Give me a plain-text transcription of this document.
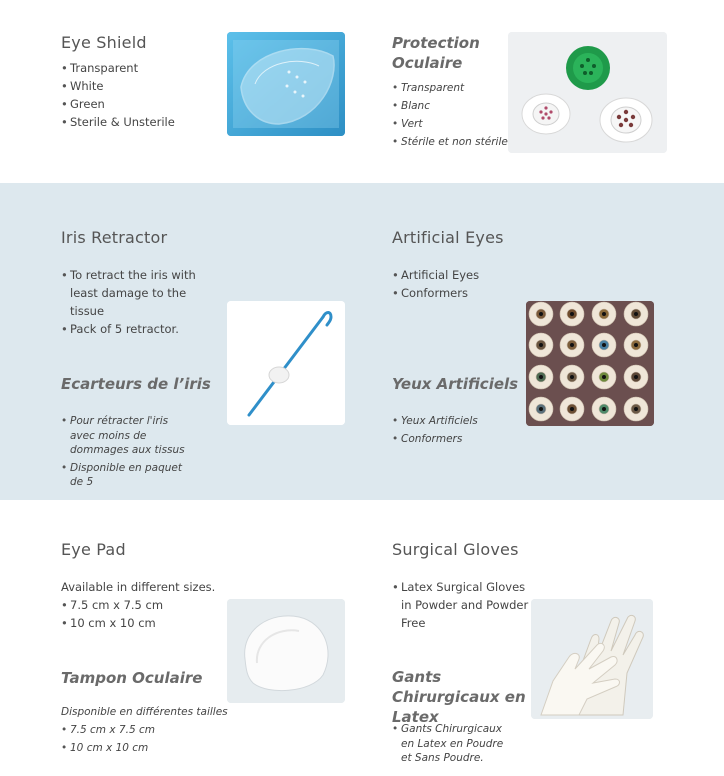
Eye Shield
• Transparent
• White
• Green
• Sterile & Unsterile
Protection Oculaire
• Transparent
• Blanc
• Vert
• Stérile et non stérile
Iris Retractor
• To retract the iris with least damage to the tissue
• Pack of 5 retractor.
Ecarteurs de l’iris
• Pour rétracter l'iris avec moins de dommages aux tissus
• Disponible en paquet de 5
Artificial Eyes
• Artificial Eyes
• Conformers
Yeux Artificiels
• Yeux Artificiels
• Conformers
Eye Pad
Available in different sizes.
• 7.5 cm x 7.5 cm
• 10 cm x 10 cm
Tampon Oculaire
Disponible en différentes tailles
• 7.5 cm x 7.5 cm
• 10 cm x 10 cm
Surgical Gloves
• Latex Surgical Gloves in Powder and Powder Free
Gants Chirurgicaux en Latex
• Gants Chirurgicaux en Latex en Poudre et Sans Poudre.
